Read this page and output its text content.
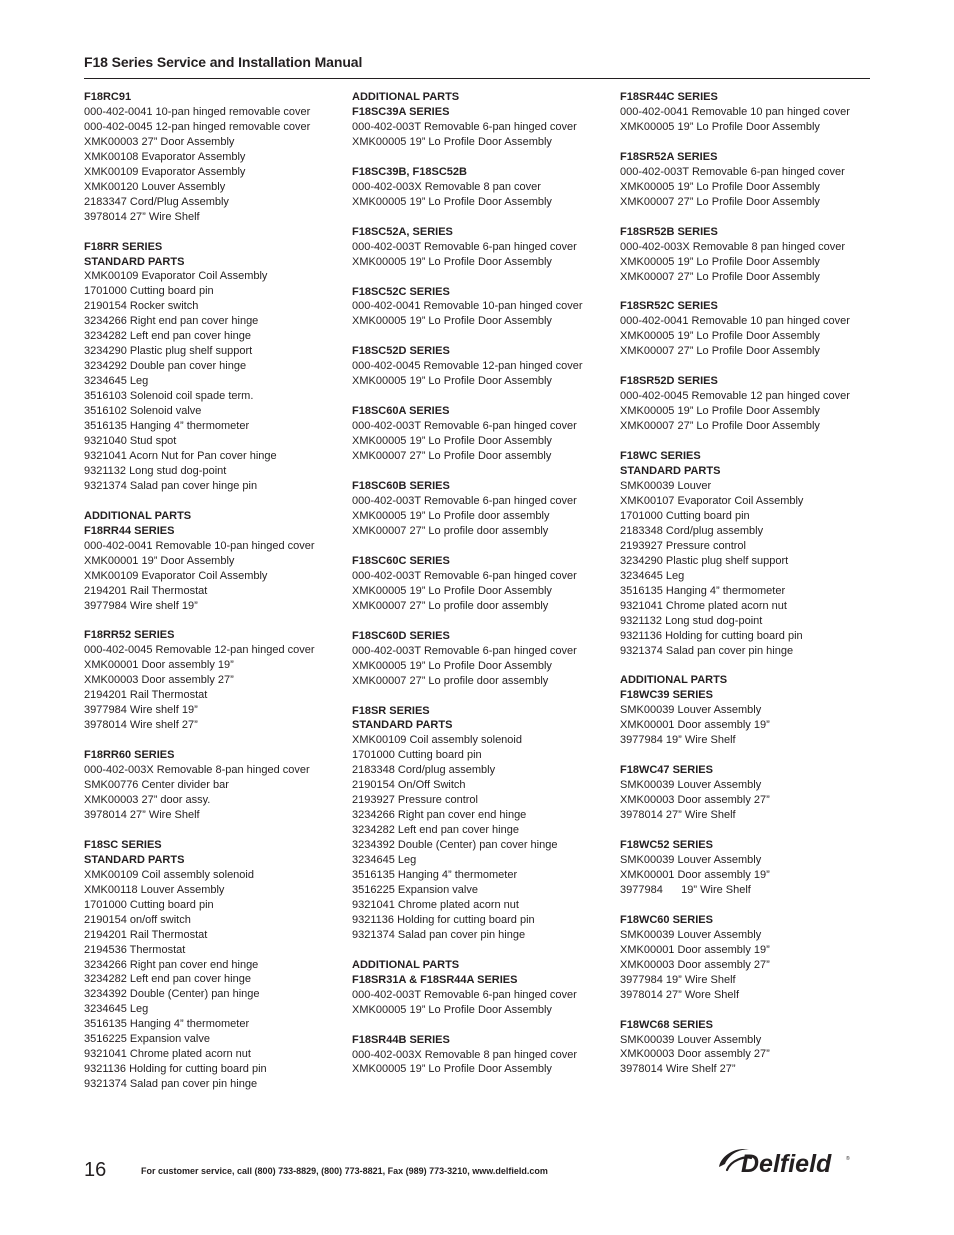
F18 Series Service and Installation Manual
F18RC91
000-402-0041 10-pan hinged removable cover
000-402-0045 12-pan hinged removable cover
XMK00003 27” Door Assembly
XMK00108 Evaporator Assembly
XMK00109 Evaporator Assembly
XMK00120 Louver Assembly
2183347 Cord/Plug Assembly
3978014 27” Wire Shelf
F18RR SERIES
STANDARD PARTS
XMK00109 Evaporator Coil Assembly
1701000 Cutting board pin
2190154 Rocker switch
3234266 Right end pan cover hinge
3234282 Left end pan cover hinge
3234290 Plastic plug shelf support
3234292 Double pan cover hinge
3234645 Leg
3516103 Solenoid coil spade term.
3516102 Solenoid valve
3516135 Hanging 4” thermometer
9321040 Stud spot
9321041 Acorn Nut for Pan cover hinge
9321132 Long stud dog-point
9321374 Salad pan cover hinge pin
ADDITIONAL PARTS
F18RR44 SERIES
000-402-0041 Removable 10-pan hinged cover
XMK00001 19” Door Assembly
XMK00109 Evaporator Coil Assembly
2194201 Rail Thermostat
3977984 Wire shelf 19”
F18RR52 SERIES
000-402-0045 Removable 12-pan hinged cover
XMK00001 Door assembly 19”
XMK00003 Door assembly 27”
2194201 Rail Thermostat
3977984 Wire shelf 19”
3978014 Wire shelf 27”
F18RR60 SERIES
000-402-003X Removable 8-pan hinged cover
SMK00776 Center divider bar
XMK00003 27” door assy.
3978014 27” Wire Shelf
F18SC SERIES
STANDARD PARTS
XMK00109 Coil assembly solenoid
XMK00118 Louver Assembly
1701000 Cutting board pin
2190154 on/off switch
2194201 Rail Thermostat
2194536 Thermostat
3234266 Right pan cover end hinge
3234282 Left end pan cover hinge
3234392 Double (Center) pan hinge
3234645 Leg
3516135 Hanging 4” thermometer
3516225 Expansion valve
9321041 Chrome plated acorn nut
9321136 Holding for cutting board pin
9321374 Salad pan cover pin hinge
ADDITIONAL PARTS
F18SC39A SERIES
000-402-003T Removable 6-pan hinged cover
XMK00005 19” Lo Profile Door Assembly
F18SC39B, F18SC52B
000-402-003X Removable 8 pan cover
XMK00005 19” Lo Profile Door Assembly
F18SC52A, SERIES
000-402-003T Removable 6-pan hinged cover
XMK00005 19” Lo Profile Door Assembly
F18SC52C SERIES
000-402-0041 Removable 10-pan hinged cover
XMK00005 19” Lo Profile Door Assembly
F18SC52D SERIES
000-402-0045 Removable 12-pan hinged cover
XMK00005 19” Lo Profile Door Assembly
F18SC60A SERIES
000-402-003T Removable 6-pan hinged cover
XMK00005 19” Lo Profile Door Assembly
XMK00007 27” Lo Profile Door assembly
F18SC60B SERIES
000-402-003T Removable 6-pan hinged cover
XMK00005 19” Lo Profile door assembly
XMK00007 27” Lo profile door assembly
F18SC60C SERIES
000-402-003T Removable 6-pan hinged cover
XMK00005 19” Lo Profile Door Assembly
XMK00007 27” Lo profile door assembly
F18SC60D SERIES
000-402-003T Removable 6-pan hinged cover
XMK00005 19” Lo Profile Door Assembly
XMK00007 27” Lo profile door assembly
F18SR SERIES
STANDARD PARTS
XMK00109 Coil assembly solenoid
1701000 Cutting board pin
2183348 Cord/plug assembly
2190154 On/Off Switch
2193927 Pressure control
3234266 Right pan cover end hinge
3234282 Left end pan cover hinge
3234392 Double (Center) pan cover hinge
3234645 Leg
3516135 Hanging 4” thermometer
3516225 Expansion valve
9321041 Chrome plated acorn nut
9321136 Holding for cutting board pin
9321374 Salad pan cover pin hinge
ADDITIONAL PARTS
F18SR31A & F18SR44A SERIES
000-402-003T Removable 6-pan hinged cover
XMK00005 19” Lo Profile Door Assembly
F18SR44B SERIES
000-402-003X Removable 8 pan hinged cover
XMK00005 19” Lo Profile Door Assembly
F18SR44C SERIES
000-402-0041 Removable 10 pan hinged cover
XMK00005 19” Lo Profile Door Assembly
F18SR52A SERIES
000-402-003T Removable 6-pan hinged cover
XMK00005 19” Lo Profile Door Assembly
XMK00007 27” Lo Profile Door Assembly
F18SR52B SERIES
000-402-003X Removable 8 pan hinged cover
XMK00005 19” Lo Profile Door Assembly
XMK00007 27” Lo Profile Door Assembly
F18SR52C SERIES
000-402-0041 Removable 10 pan hinged cover
XMK00005 19” Lo Profile Door Assembly
XMK00007 27” Lo Profile Door Assembly
F18SR52D SERIES
000-402-0045 Removable 12 pan hinged cover
XMK00005 19” Lo Profile Door Assembly
XMK00007 27” Lo Profile Door Assembly
F18WC SERIES
STANDARD PARTS
SMK00039 Louver
XMK00107 Evaporator Coil Assembly
1701000 Cutting board pin
2183348 Cord/plug assembly
2193927 Pressure control
3234290 Plastic plug shelf support
3234645 Leg
3516135 Hanging 4” thermometer
9321041 Chrome plated acorn nut
9321132 Long stud dog-point
9321136 Holding for cutting board pin
9321374 Salad pan cover pin hinge
ADDITIONAL PARTS
F18WC39 SERIES
SMK00039 Louver Assembly
XMK00001 Door assembly 19”
3977984 19” Wire Shelf
F18WC47 SERIES
SMK00039 Louver Assembly
XMK00003 Door assembly 27”
3978014 27” Wire Shelf
F18WC52 SERIES
SMK00039 Louver Assembly
XMK00001 Door assembly 19”
3977984      19” Wire Shelf
F18WC60 SERIES
SMK00039 Louver Assembly
XMK00001 Door assembly 19”
XMK00003 Door assembly 27”
3977984 19” Wire Shelf
3978014 27” Wore Shelf
F18WC68 SERIES
SMK00039 Louver Assembly
XMK00003 Door assembly 27”
3978014 Wire Shelf 27”
16	For customer service, call (800) 733-8829, (800) 773-8821, Fax (989) 773-3210, www.delfield.com	Delfield	®
